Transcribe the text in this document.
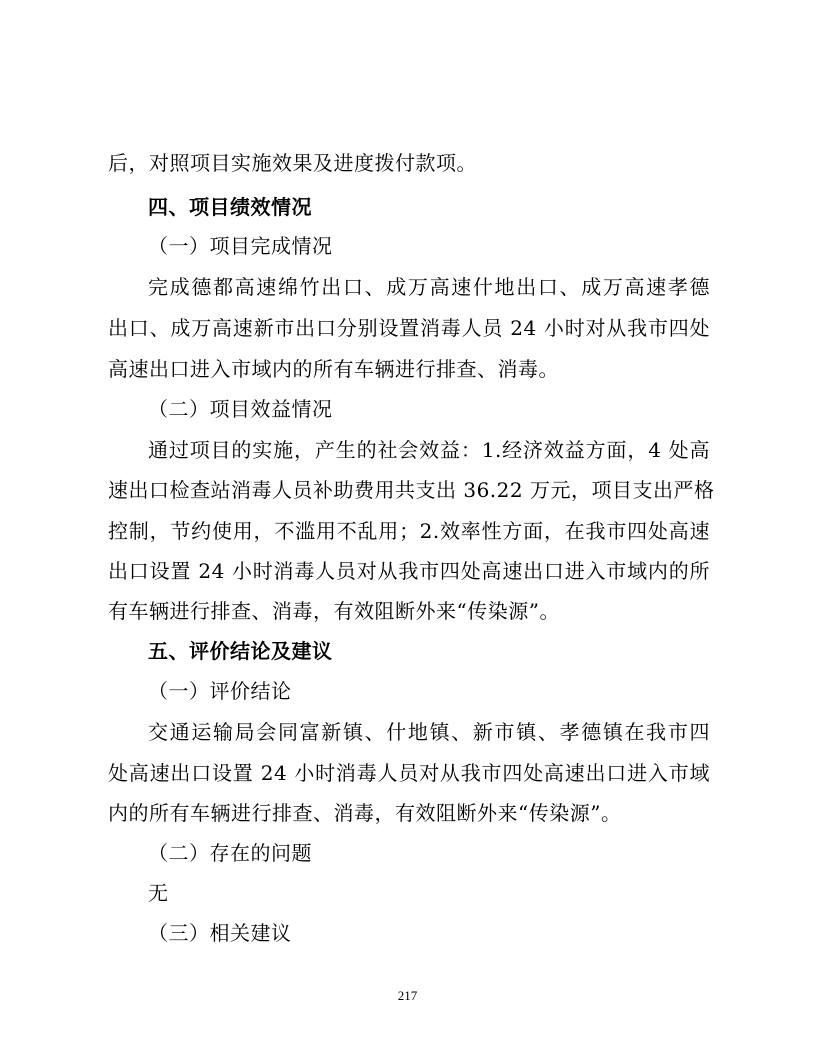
后，对照项目实施效果及进度拨付款项。
四、项目绩效情况
（一）项目完成情况
完成德都高速绵竹出口、成万高速什地出口、成万高速孝德
出口、成万高速新市出口分别设置消毒人员 24 小时对从我市四处
高速出口进入市域内的所有车辆进行排查、消毒。
（二）项目效益情况
通过项目的实施，产生的社会效益：1.经济效益方面，4 处高
速出口检查站消毒人员补助费用共支出 36.22 万元，项目支出严格
控制，节约使用，不滥用不乱用；2.效率性方面，在我市四处高速
出口设置 24 小时消毒人员对从我市四处高速出口进入市域内的所
有车辆进行排查、消毒，有效阻断外来“传染源”。
五、评价结论及建议
（一）评价结论
交通运输局会同富新镇、什地镇、新市镇、孝德镇在我市四
处高速出口设置 24 小时消毒人员对从我市四处高速出口进入市域
内的所有车辆进行排查、消毒，有效阻断外来“传染源”。
（二）存在的问题
无
（三）相关建议
217
